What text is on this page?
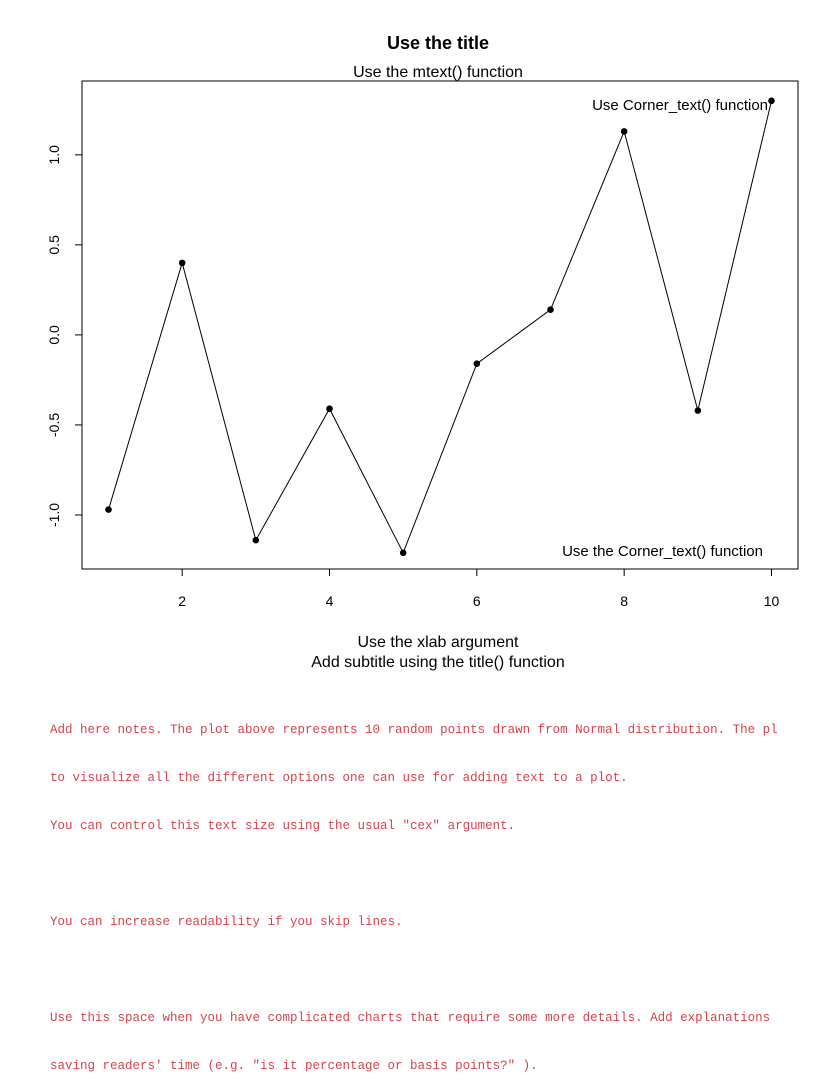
Use the title
Use the mtext() function
2	4	6	8	10
-1.0
-0.5
0.0
0.5
1.0
Use Corner_text() function
Use the Corner_text() function
Use the xlab argument
Add subtitle using the title() function

Add here notes. The plot above represents 10 random points drawn from Normal distribution. The pl

to visualize all the different options one can use for adding text to a plot.

You can control this text size using the usual "cex" argument.

You can increase readability if you skip lines.

Use this space when you have complicated charts that require some more details. Add explanations

saving readers' time (e.g. "is it percentage or basis points?" ).
